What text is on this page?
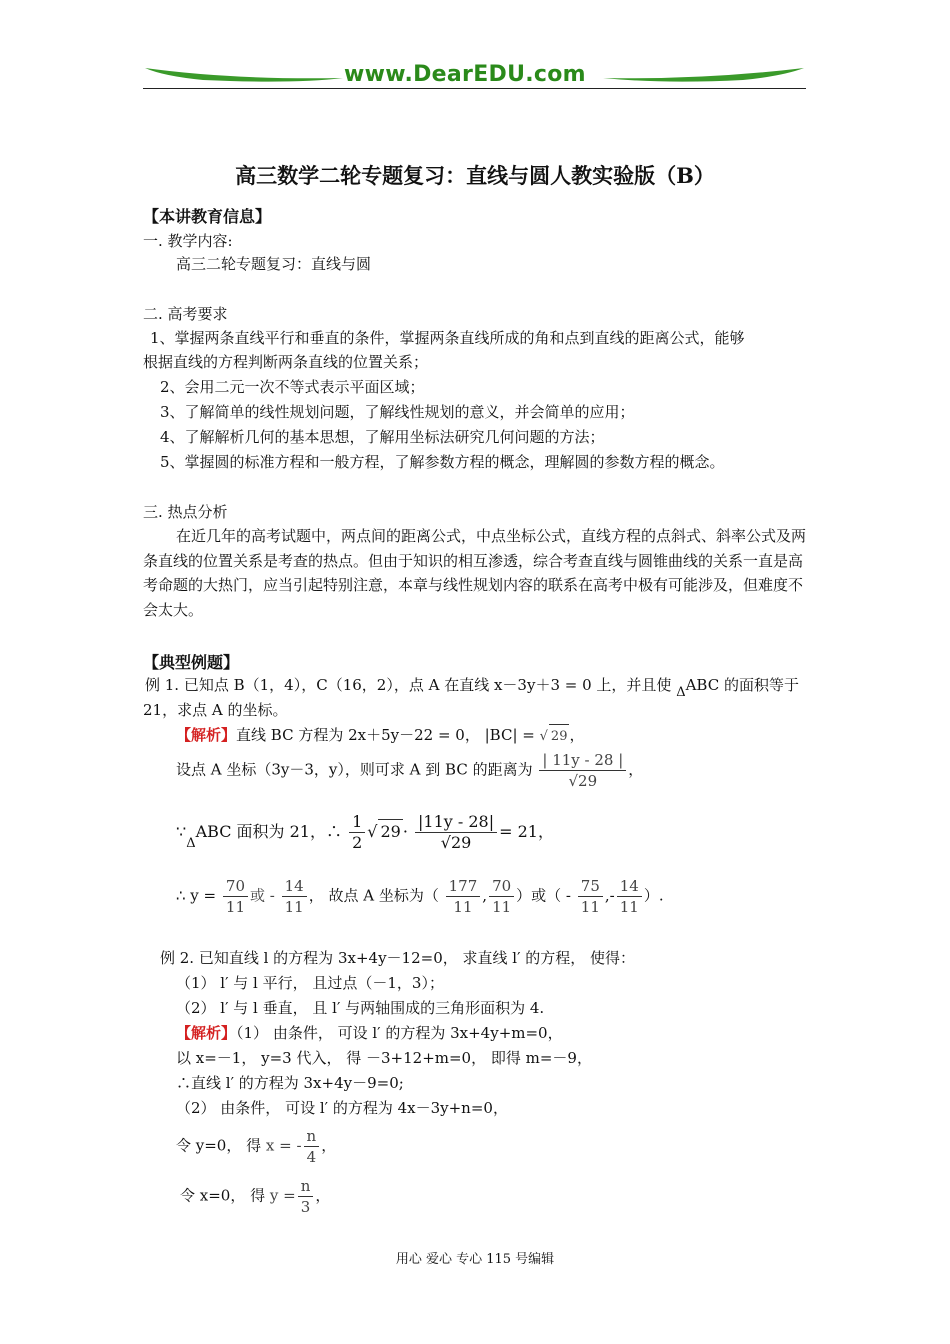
www.DearEDU.com
高三数学二轮专题复习：直线与圆人教实验版（B）
【本讲教育信息】
一. 教学内容:
高三二轮专题复习：直线与圆
二. 高考要求
1、掌握两条直线平行和垂直的条件，掌握两条直线所成的角和点到直线的距离公式，能够
根据直线的方程判断两条直线的位置关系；
2、会用二元一次不等式表示平面区域；
3、了解简单的线性规划问题，了解线性规划的意义，并会简单的应用；
4、了解解析几何的基本思想，了解用坐标法研究几何问题的方法；
5、掌握圆的标准方程和一般方程，了解参数方程的概念，理解圆的参数方程的概念。
三. 热点分析
在近几年的高考试题中，两点间的距离公式，中点坐标公式，直线方程的点斜式、斜率公式及两条直线的位置关系是考查的热点。但由于知识的相互渗透，综合考查直线与圆锥曲线的关系一直是高考命题的大热门，应当引起特别注意，本章与线性规划内容的联系在高考中极有可能涉及，但难度不会太大。
【典型例题】
例 1. 已知点 B（1，4），C（16，2），点 A 在直线 x－3y＋3 = 0 上，并且使 ΔABC 的面积等于
21，求点 A 的坐标。
【解析】直线 BC 方程为 2x＋5y－22 = 0， |BC| = √ 29 ，
设点 A 坐标（3y－3，y），则可求 A 到 BC 的距离为 $\frac{| 11y - 28 |}{√29}$ ，
$\because_\Delta ABC$ 面积为 21，∴ $\frac{1}{2}$ √ $29 \cdot \frac{|11y - 28|}{√29} = 21$，
∴ $y = \frac{70}{11}$ 或 - $\frac{14}{11}$ ， 故点 A 坐标为（ $\frac{177}{11}$ , $\frac{70}{11}$ ）或（ - $\frac{75}{11}$ ,- $\frac{14}{11}$ ）.
例 2. 已知直线 l 的方程为 3x+4y－12=0， 求直线 l′ 的方程， 使得：
（1） l′ 与 l 平行， 且过点（－1，3）；
（2） l′ 与 l 垂直， 且 l′ 与两轴围成的三角形面积为 4.
【解析】（1） 由条件， 可设 l′ 的方程为 3x+4y+m=0，
以 x=－1， y=3 代入， 得 －3+12+m=0， 即得 m=－9，
∴直线 l′ 的方程为 3x+4y－9=0;
（2） 由条件， 可设 l′ 的方程为 4x－3y+n=0，
令 y=0， 得 x = - $\frac{n}{4}$ ，
令 x=0， 得 $y = \frac{n}{3}$ ，
用心 爱心 专心 115 号编辑
